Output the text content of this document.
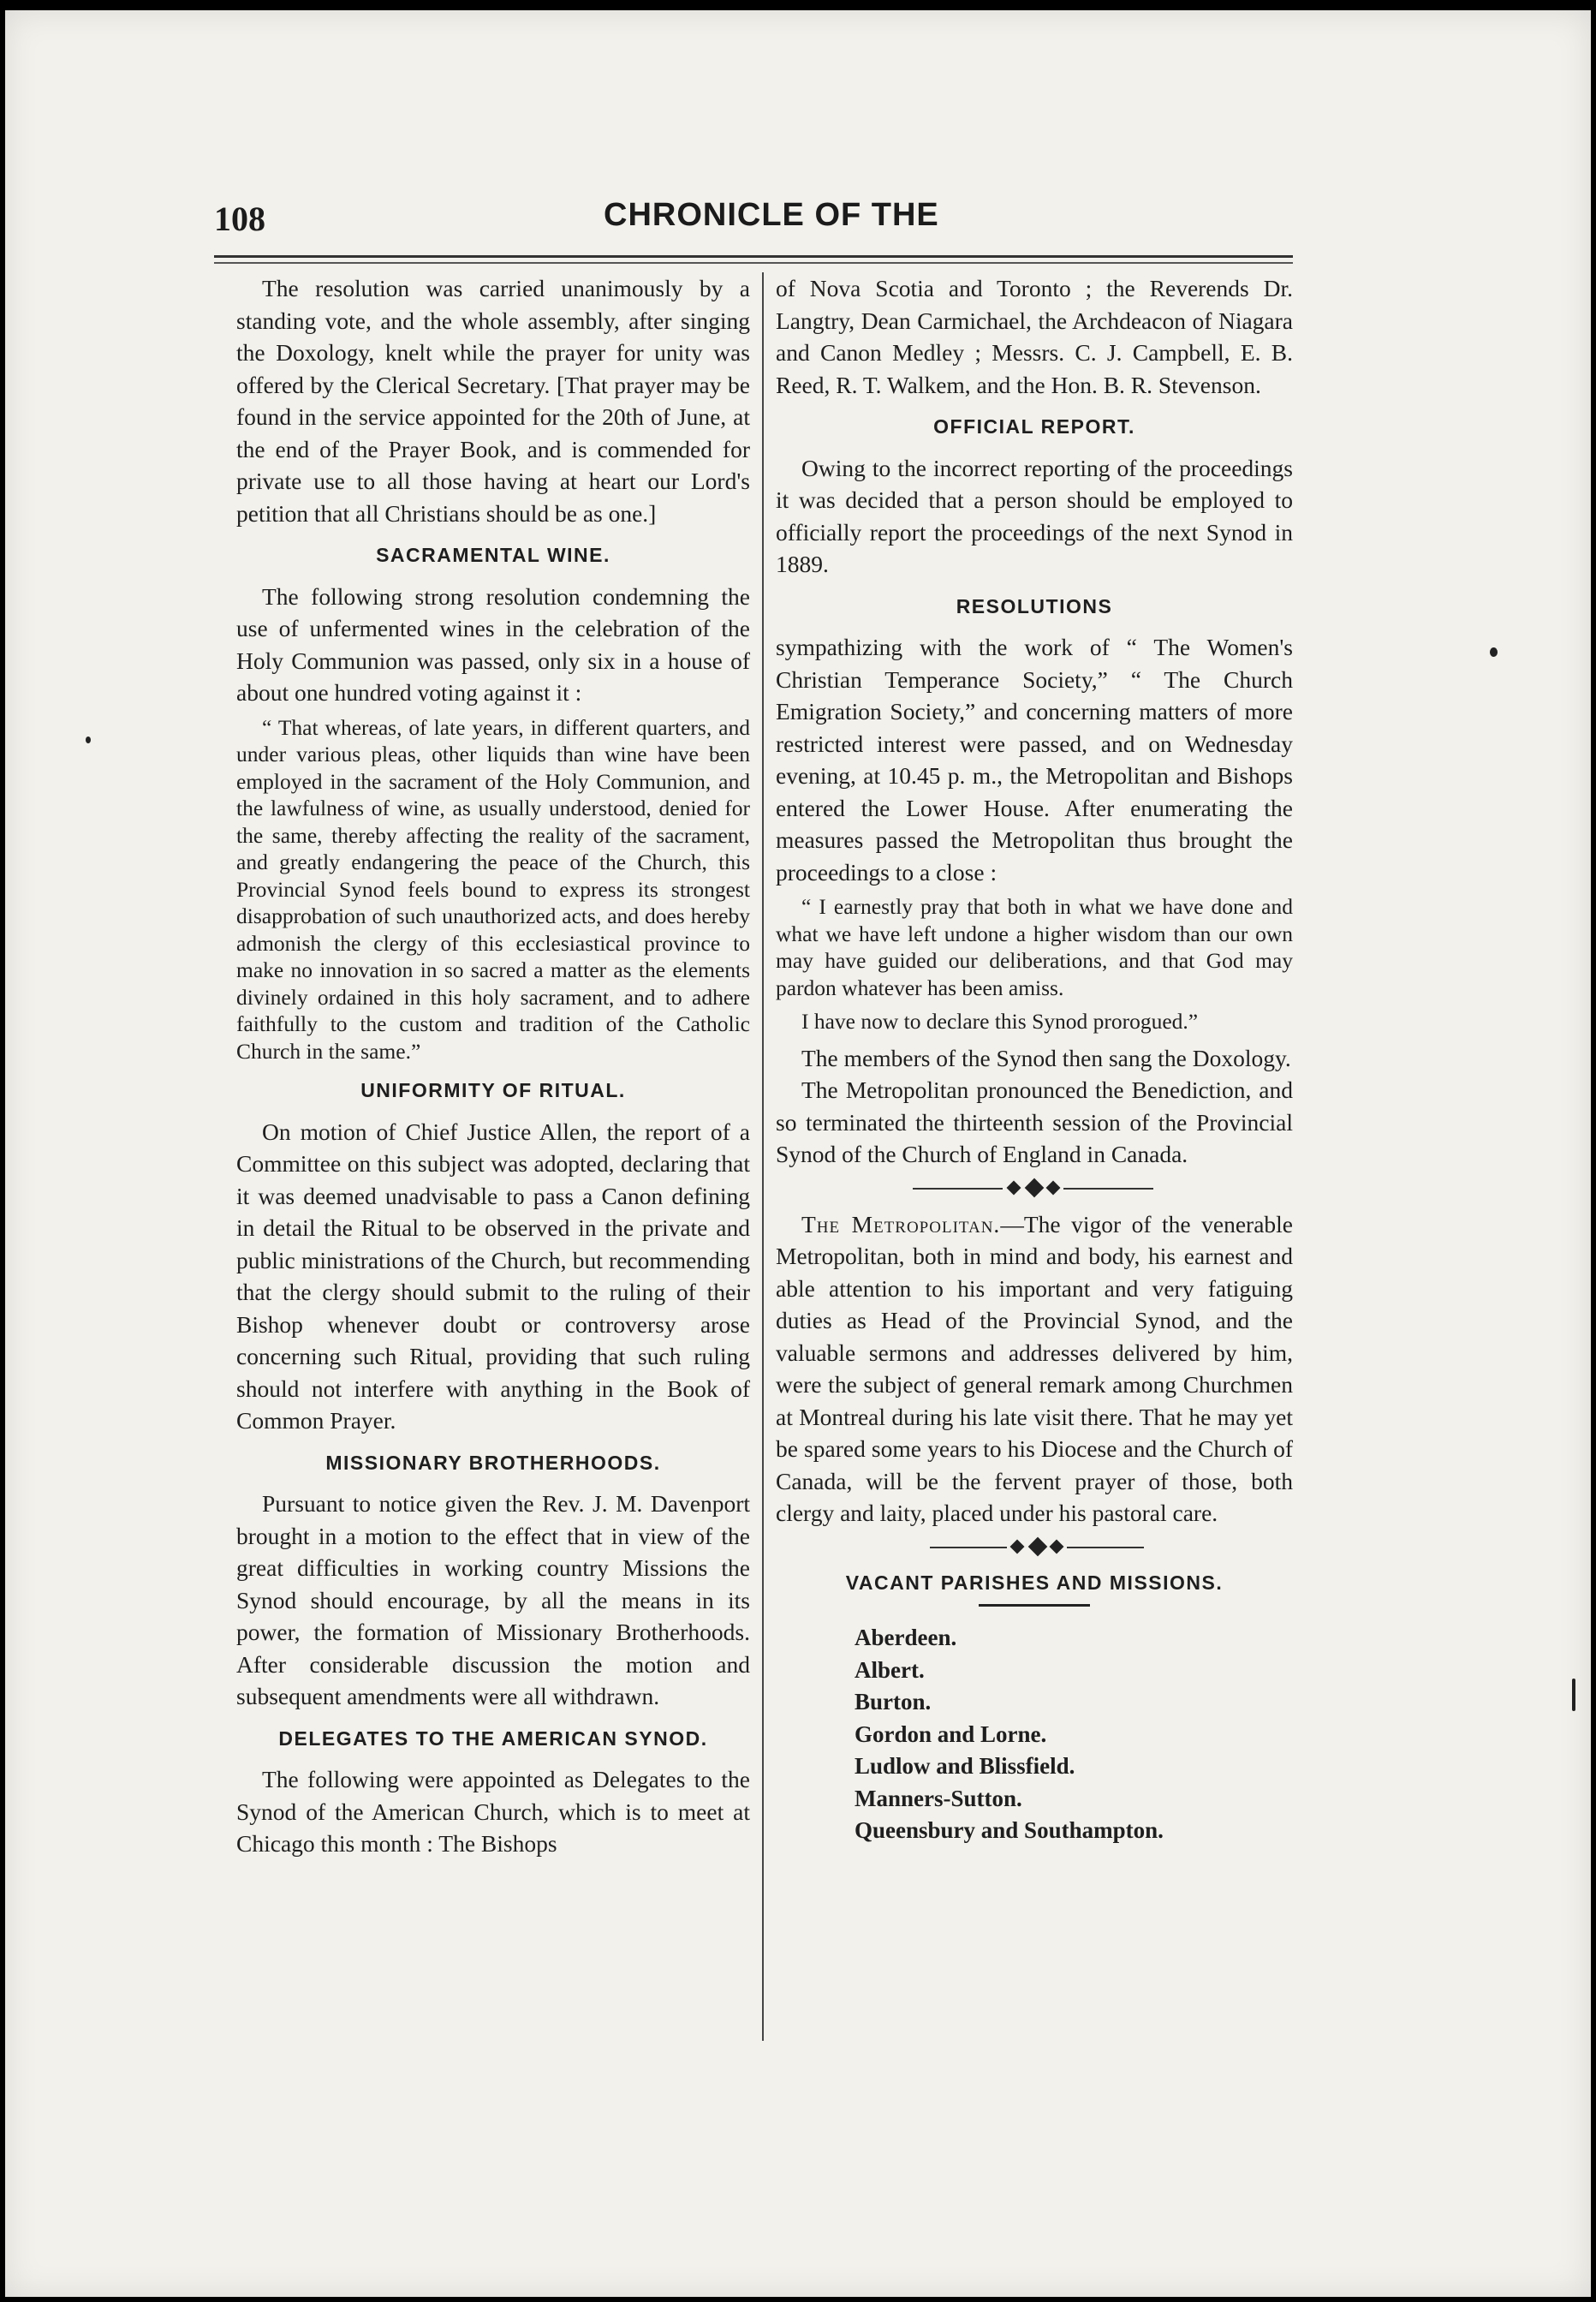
108	CHRONICLE OF THE

The resolution was carried unanimously by a standing vote, and the whole assembly, after singing the Doxology, knelt while the prayer for unity was offered by the Clerical Secretary. [That prayer may be found in the service appointed for the 20th of June, at the end of the Prayer Book, and is commended for private use to all those having at heart our Lord's petition that all Christians should be as one.]

SACRAMENTAL WINE.

The following strong resolution condemning the use of unfermented wines in the celebration of the Holy Communion was passed, only six in a house of about one hundred voting against it :

“ That whereas, of late years, in different quarters, and under various pleas, other liquids than wine have been employed in the sacrament of the Holy Communion, and the lawfulness of wine, as usually understood, denied for the same, thereby affecting the reality of the sacrament, and greatly endangering the peace of the Church, this Provincial Synod feels bound to express its strongest disapprobation of such unauthorized acts, and does hereby admonish the clergy of this ecclesiastical province to make no innovation in so sacred a matter as the elements divinely ordained in this holy sacrament, and to adhere faithfully to the custom and tradition of the Catholic Church in the same.”

UNIFORMITY OF RITUAL.

On motion of Chief Justice Allen, the report of a Committee on this subject was adopted, declaring that it was deemed unadvisable to pass a Canon defining in detail the Ritual to be observed in the private and public ministrations of the Church, but recommending that the clergy should submit to the ruling of their Bishop whenever doubt or controversy arose concerning such Ritual, providing that such ruling should not interfere with anything in the Book of Common Prayer.

MISSIONARY BROTHERHOODS.

Pursuant to notice given the Rev. J. M. Davenport brought in a motion to the effect that in view of the great difficulties in working country Missions the Synod should encourage, by all the means in its power, the formation of Missionary Brotherhoods. After considerable discussion the motion and subsequent amendments were all withdrawn.

DELEGATES TO THE AMERICAN SYNOD.

The following were appointed as Delegates to the Synod of the American Church, which is to meet at Chicago this month : The Bishops

of Nova Scotia and Toronto ; the Reverends Dr. Langtry, Dean Carmichael, the Archdeacon of Niagara and Canon Medley ; Messrs. C. J. Campbell, E. B. Reed, R. T. Walkem, and the Hon. B. R. Stevenson.

OFFICIAL REPORT.

Owing to the incorrect reporting of the proceedings it was decided that a person should be employed to officially report the proceedings of the next Synod in 1889.

RESOLUTIONS

sympathizing with the work of “ The Women's Christian Temperance Society,” “ The Church Emigration Society,” and concerning matters of more restricted interest were passed, and on Wednesday evening, at 10.45 p. m., the Metropolitan and Bishops entered the Lower House. After enumerating the measures passed the Metropolitan thus brought the proceedings to a close :

“ I earnestly pray that both in what we have done and what we have left undone a higher wisdom than our own may have guided our deliberations, and that God may pardon whatever has been amiss.

I have now to declare this Synod prorogued.”

The members of the Synod then sang the Doxology.

The Metropolitan pronounced the Benediction, and so terminated the thirteenth session of the Provincial Synod of the Church of England in Canada.

The Metropolitan.—The vigor of the venerable Metropolitan, both in mind and body, his earnest and able attention to his important and very fatiguing duties as Head of the Provincial Synod, and the valuable sermons and addresses delivered by him, were the subject of general remark among Churchmen at Montreal during his late visit there. That he may yet be spared some years to his Diocese and the Church of Canada, will be the fervent prayer of those, both clergy and laity, placed under his pastoral care.

VACANT PARISHES AND MISSIONS.
Aberdeen.
Albert.
Burton.
Gordon and Lorne.
Ludlow and Blissfield.
Manners-Sutton.
Queensbury and Southampton.
